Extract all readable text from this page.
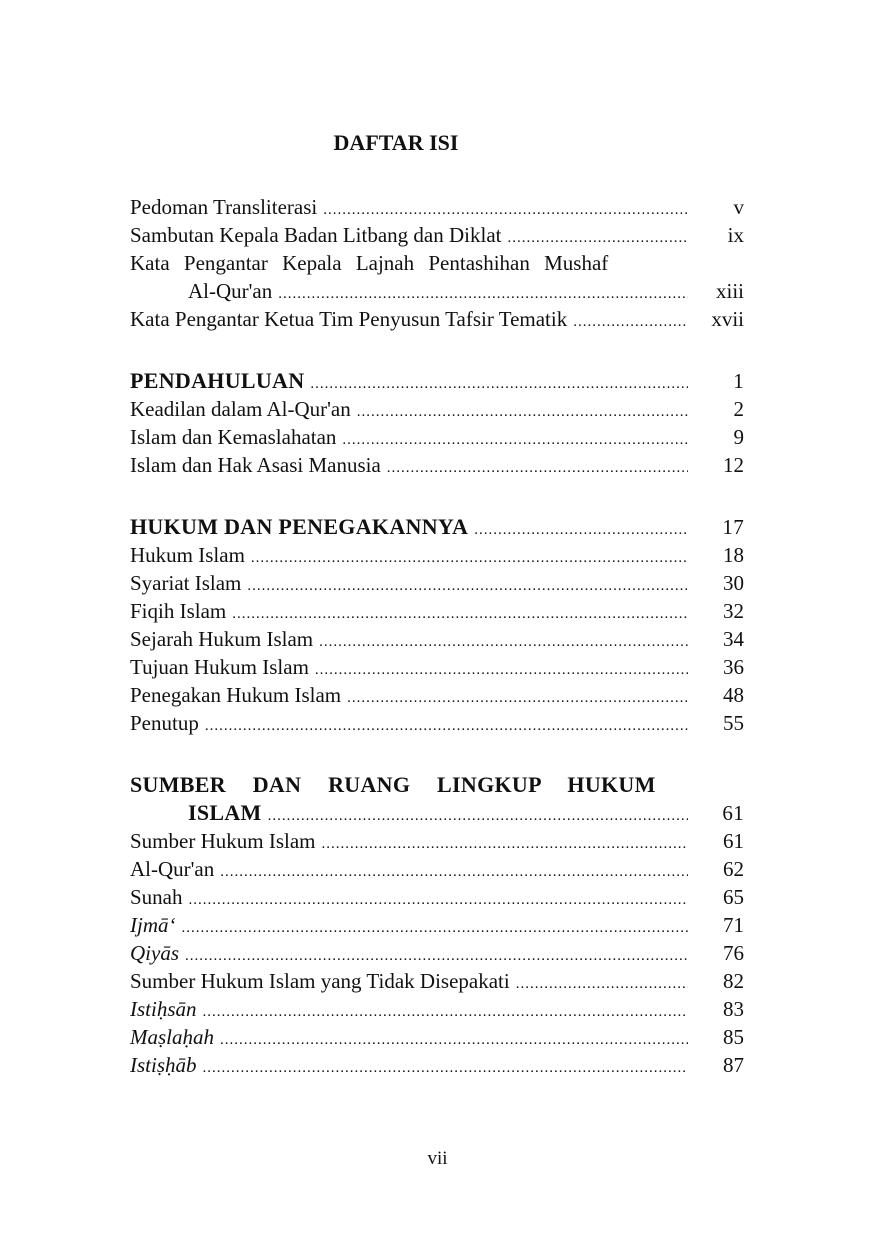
DAFTAR ISI
Pedoman Transliterasi .....	v
Sambutan Kepala Badan Litbang dan Diklat .....	ix
Kata Pengantar Kepala Lajnah Pentashihan Mushaf
Al-Qur'an .....	xiii
Kata Pengantar Ketua Tim Penyusun Tafsir Tematik .....	xvii
PENDAHULUAN .....	1
Keadilan dalam Al-Qur'an .....	2
Islam dan Kemaslahatan .....	9
Islam dan Hak Asasi Manusia .....	12
HUKUM DAN PENEGAKANNYA .....	17
Hukum Islam .....	18
Syariat Islam .....	30
Fiqih Islam .....	32
Sejarah Hukum Islam .....	34
Tujuan Hukum Islam .....	36
Penegakan Hukum Islam .....	48
Penutup .....	55
SUMBER DAN RUANG LINGKUP HUKUM
ISLAM .....	61
Sumber Hukum Islam .....	61
Al-Qur'an .....	62
Sunah .....	65
Ijmā‘ .....	71
Qiyās .....	76
Sumber Hukum Islam yang Tidak Disepakati .....	82
Istiḥsān .....	83
Maṣlaḥah .....	85
Istiṣḥāb .....	87
vii
